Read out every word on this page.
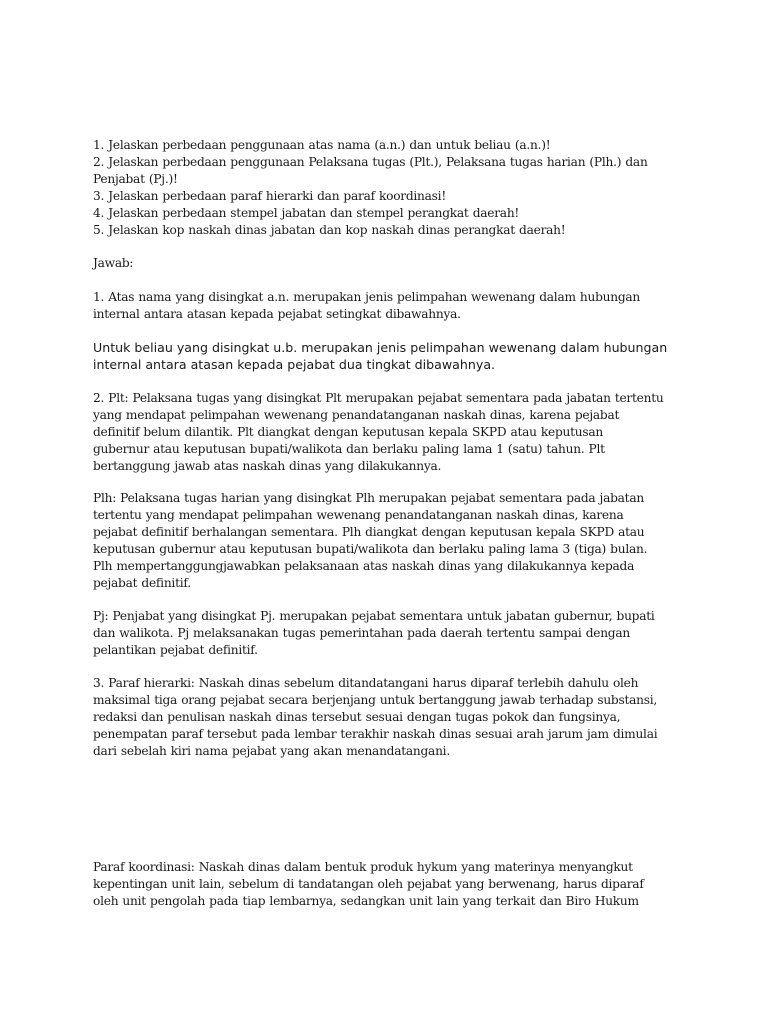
1. Jelaskan perbedaan penggunaan atas nama (a.n.) dan untuk beliau (a.n.)!
2. Jelaskan perbedaan penggunaan Pelaksana tugas (Plt.), Pelaksana tugas harian (Plh.) dan
Penjabat (Pj.)!
3. Jelaskan perbedaan paraf hierarki dan paraf koordinasi!
4. Jelaskan perbedaan stempel jabatan dan stempel perangkat daerah!
5. Jelaskan kop naskah dinas jabatan dan kop naskah dinas perangkat daerah!
Jawab:
1. Atas nama yang disingkat a.n. merupakan jenis pelimpahan wewenang dalam hubungan
internal antara atasan kepada pejabat setingkat dibawahnya.
Untuk beliau yang disingkat u.b. merupakan jenis pelimpahan wewenang dalam hubungan
internal antara atasan kepada pejabat dua tingkat dibawahnya.
2. Plt: Pelaksana tugas yang disingkat Plt merupakan pejabat sementara pada jabatan tertentu
yang mendapat pelimpahan wewenang penandatanganan naskah dinas, karena pejabat
definitif belum dilantik. Plt diangkat dengan keputusan kepala SKPD atau keputusan
gubernur atau keputusan bupati/walikota dan berlaku paling lama 1 (satu) tahun. Plt
bertanggung jawab atas naskah dinas yang dilakukannya.
Plh: Pelaksana tugas harian yang disingkat Plh merupakan pejabat sementara pada jabatan
tertentu yang mendapat pelimpahan wewenang penandatanganan naskah dinas, karena
pejabat definitif berhalangan sementara. Plh diangkat dengan keputusan kepala SKPD atau
keputusan gubernur atau keputusan bupati/walikota dan berlaku paling lama 3 (tiga) bulan.
Plh mempertanggungjawabkan pelaksanaan atas naskah dinas yang dilakukannya kepada
pejabat definitif.
Pj: Penjabat yang disingkat Pj. merupakan pejabat sementara untuk jabatan gubernur, bupati
dan walikota. Pj melaksanakan tugas pemerintahan pada daerah tertentu sampai dengan
pelantikan pejabat definitif.
3. Paraf hierarki: Naskah dinas sebelum ditandatangani harus diparaf terlebih dahulu oleh
maksimal tiga orang pejabat secara berjenjang untuk bertanggung jawab terhadap substansi,
redaksi dan penulisan naskah dinas tersebut sesuai dengan tugas pokok dan fungsinya,
penempatan paraf tersebut pada lembar terakhir naskah dinas sesuai arah jarum jam dimulai
dari sebelah kiri nama pejabat yang akan menandatangani.
Paraf koordinasi: Naskah dinas dalam bentuk produk hykum yang materinya menyangkut
kepentingan unit lain, sebelum di tandatangan oleh pejabat yang berwenang, harus diparaf
oleh unit pengolah pada tiap lembarnya, sedangkan unit lain yang terkait dan Biro Hukum
